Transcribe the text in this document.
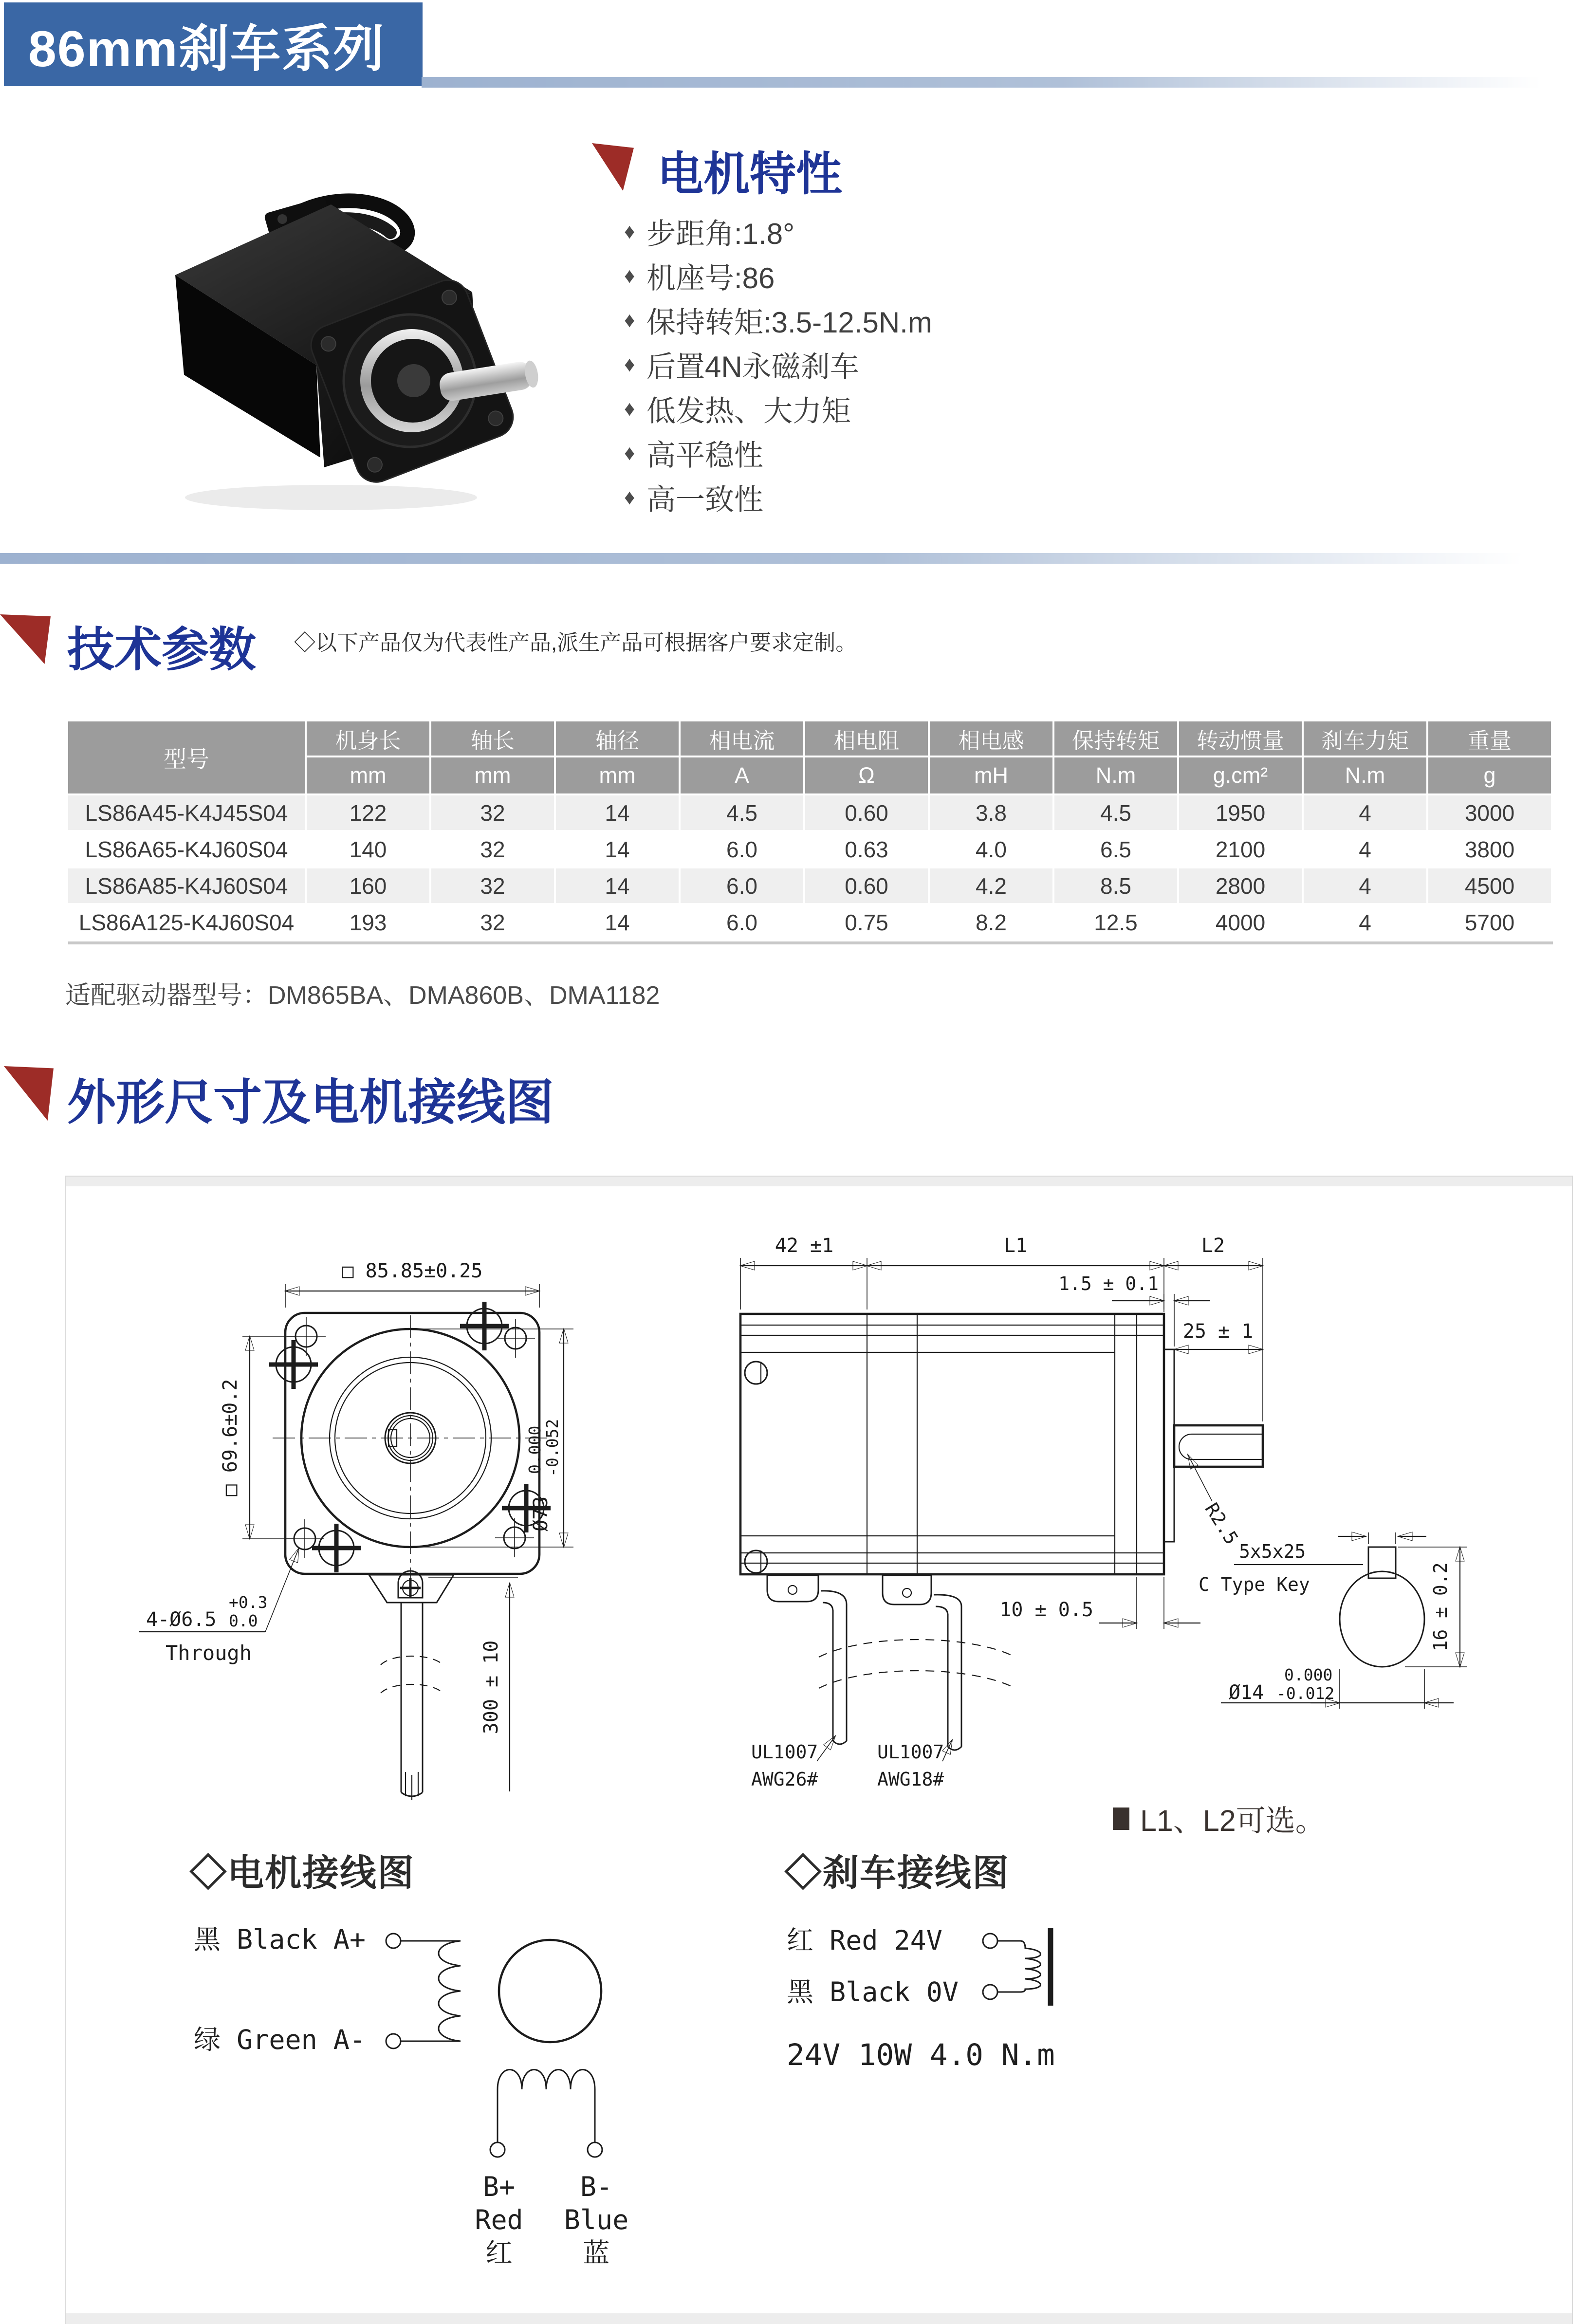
86mm刹车系列
电机特性
♦ 步距角:1.8°
♦ 机座号:86
♦ 保持转矩:3.5-12.5N.m
♦ 后置4N永磁刹车
♦ 低发热、大力矩
♦ 高平稳性
♦ 高一致性
技术参数 ◇以下产品仅为代表性产品,派生产品可根据客户要求定制。
型号
机身长	轴长	轴径	相电流	相电阻	相电感	保持转矩	转动惯量	刹车力矩	重量
mm	mm	mm	A	Ω	mH	N.m	g.cm²	N.m	g
LS86A45-K4J45S04	122	32	14	4.5	0.60	3.8	4.5	1950	4	3000
LS86A65-K4J60S04	140	32	14	6.0	0.63	4.0	6.5	2100	4	3800
LS86A85-K4J60S04	160	32	14	6.0	0.60	4.2	8.5	2800	4	4500
LS86A125-K4J60S04	193	32	14	6.0	0.75	8.2	12.5	4000	4	5700
适配驱动器型号：DM865BA、DMA860B、DMA1182
外形尺寸及电机接线图
□ 85.85±0.25
□ 69.6±0.2
Ø73
0.000
-0.052
4-Ø6.5
+0.3
0.0
Through	300 ± 10
R2.5
42 ±1	L1	L2
1.5 ± 0.1
25 ± 1
10 ± 0.5
UL1007
AWG26#
UL1007
AWG18#
5x5x25
C Type Key	16 ± 0.2
0.000
Ø14 -0.012
L1、L2可选。
◇电机接线图
黑 Black A+
绿 Green A-
B+
Red
红
B-
Blue
蓝
◇刹车接线图
红 Red 24V
黑 Black 0V
24V 10W 4.0 N.m
